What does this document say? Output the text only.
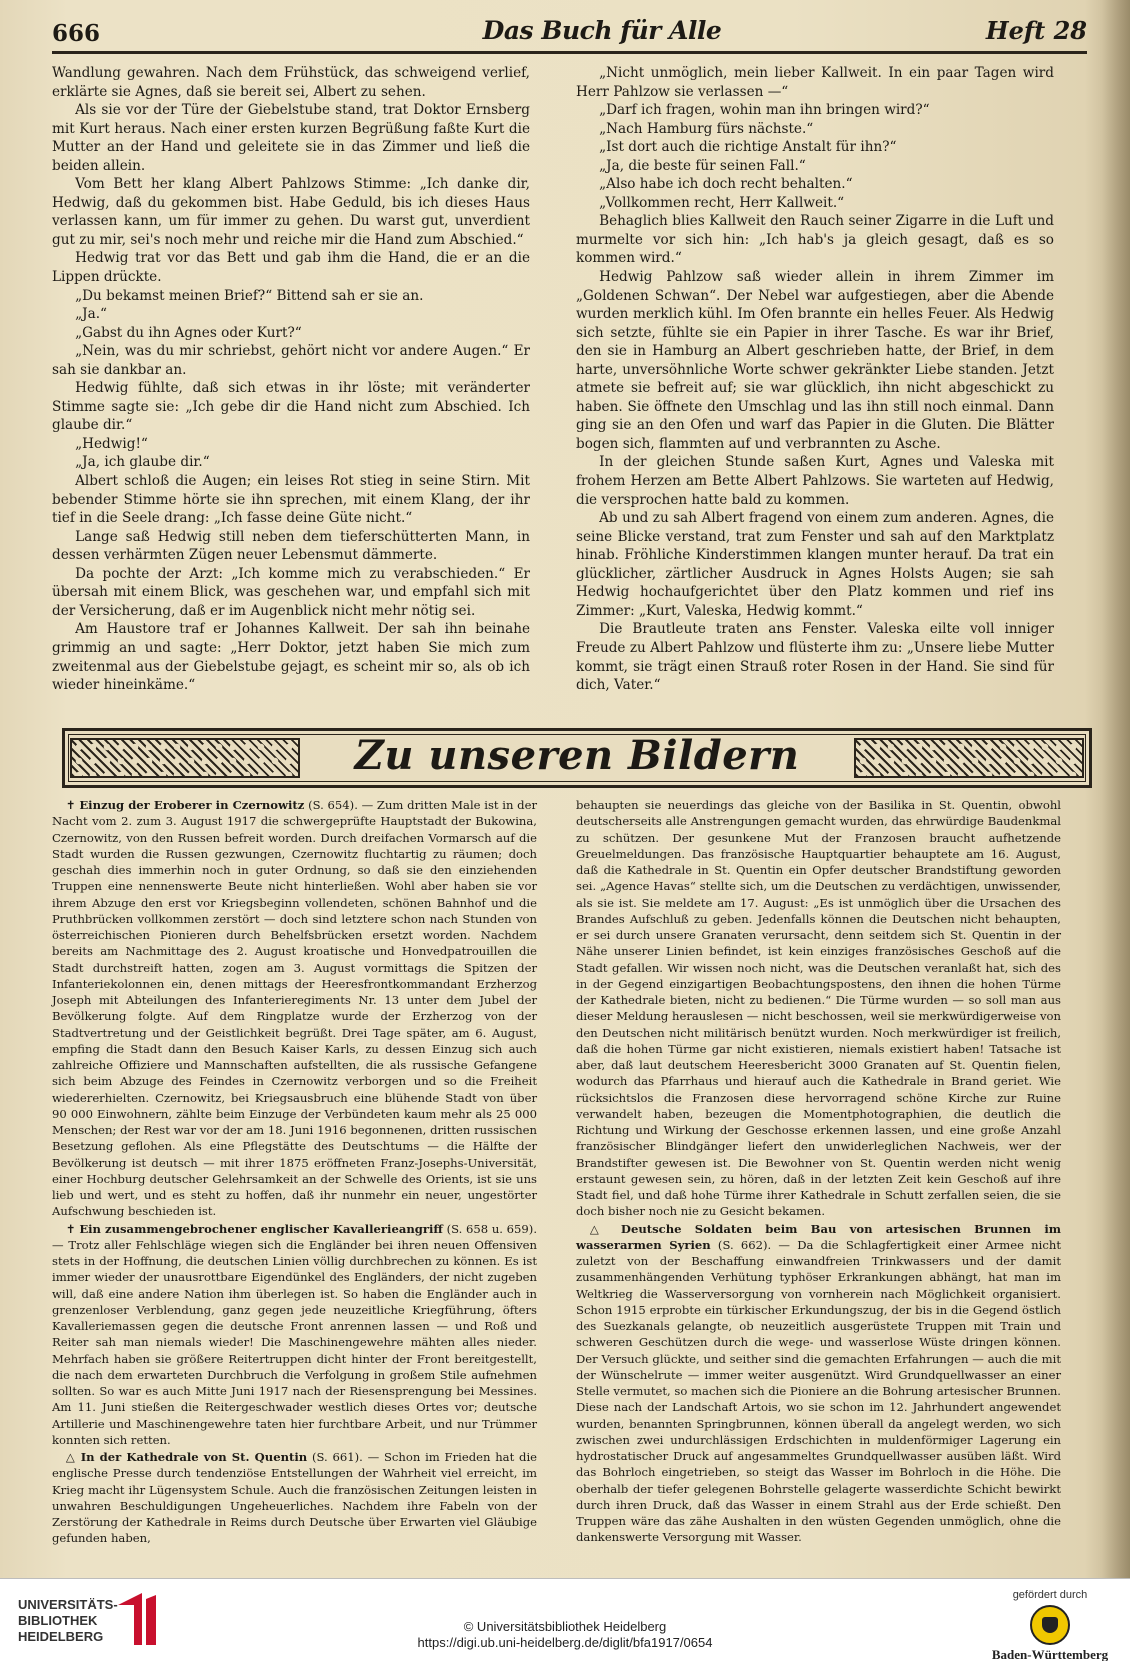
666	Das Buch für Alle	Heft 28

Wandlung gewahren. Nach dem Frühstück, das schweigend verlief, erklärte sie Agnes, daß sie bereit sei, Albert zu sehen.

Als sie vor der Türe der Giebelstube stand, trat Doktor Ernsberg mit Kurt heraus. Nach einer ersten kurzen Begrüßung faßte Kurt die Mutter an der Hand und geleitete sie in das Zimmer und ließ die beiden allein.

Vom Bett her klang Albert Pahlzows Stimme: „Ich danke dir, Hedwig, daß du gekommen bist. Habe Geduld, bis ich dieses Haus verlassen kann, um für immer zu gehen. Du warst gut, unverdient gut zu mir, sei's noch mehr und reiche mir die Hand zum Abschied.“

Hedwig trat vor das Bett und gab ihm die Hand, die er an die Lippen drückte.

„Du bekamst meinen Brief?“ Bittend sah er sie an.

„Ja.“

„Gabst du ihn Agnes oder Kurt?“

„Nein, was du mir schriebst, gehört nicht vor andere Augen.“ Er sah sie dankbar an.

Hedwig fühlte, daß sich etwas in ihr löste; mit veränderter Stimme sagte sie: „Ich gebe dir die Hand nicht zum Abschied. Ich glaube dir.“

„Hedwig!“

„Ja, ich glaube dir.“

Albert schloß die Augen; ein leises Rot stieg in seine Stirn. Mit bebender Stimme hörte sie ihn sprechen, mit einem Klang, der ihr tief in die Seele drang: „Ich fasse deine Güte nicht.“

Lange saß Hedwig still neben dem tieferschütterten Mann, in dessen verhärmten Zügen neuer Lebensmut dämmerte.

Da pochte der Arzt: „Ich komme mich zu verabschieden.“ Er übersah mit einem Blick, was geschehen war, und empfahl sich mit der Versicherung, daß er im Augenblick nicht mehr nötig sei.

Am Haustore traf er Johannes Kallweit. Der sah ihn beinahe grimmig an und sagte: „Herr Doktor, jetzt haben Sie mich zum zweitenmal aus der Giebelstube gejagt, es scheint mir so, als ob ich wieder hineinkäme.“

„Nicht unmöglich, mein lieber Kallweit. In ein paar Tagen wird Herr Pahlzow sie verlassen —“

„Darf ich fragen, wohin man ihn bringen wird?“

„Nach Hamburg fürs nächste.“

„Ist dort auch die richtige Anstalt für ihn?“

„Ja, die beste für seinen Fall.“

„Also habe ich doch recht behalten.“

„Vollkommen recht, Herr Kallweit.“

Behaglich blies Kallweit den Rauch seiner Zigarre in die Luft und murmelte vor sich hin: „Ich hab's ja gleich gesagt, daß es so kommen wird.“

Hedwig Pahlzow saß wieder allein in ihrem Zimmer im „Goldenen Schwan“. Der Nebel war aufgestiegen, aber die Abende wurden merklich kühl. Im Ofen brannte ein helles Feuer. Als Hedwig sich setzte, fühlte sie ein Papier in ihrer Tasche. Es war ihr Brief, den sie in Hamburg an Albert geschrieben hatte, der Brief, in dem harte, unversöhnliche Worte schwer gekränkter Liebe standen. Jetzt atmete sie befreit auf; sie war glücklich, ihn nicht abgeschickt zu haben. Sie öffnete den Umschlag und las ihn still noch einmal. Dann ging sie an den Ofen und warf das Papier in die Gluten. Die Blätter bogen sich, flammten auf und verbrannten zu Asche.

In der gleichen Stunde saßen Kurt, Agnes und Valeska mit frohem Herzen am Bette Albert Pahlzows. Sie warteten auf Hedwig, die versprochen hatte bald zu kommen.

Ab und zu sah Albert fragend von einem zum anderen. Agnes, die seine Blicke verstand, trat zum Fenster und sah auf den Marktplatz hinab. Fröhliche Kinderstimmen klangen munter herauf. Da trat ein glücklicher, zärtlicher Ausdruck in Agnes Holsts Augen; sie sah Hedwig hochaufgerichtet über den Platz kommen und rief ins Zimmer: „Kurt, Valeska, Hedwig kommt.“

Die Brautleute traten ans Fenster. Valeska eilte voll inniger Freude zu Albert Pahlzow und flüsterte ihm zu: „Unsere liebe Mutter kommt, sie trägt einen Strauß roter Rosen in der Hand. Sie sind für dich, Vater.“

Zu unseren Bildern

✝ Einzug der Eroberer in Czernowitz (S. 654). — Zum dritten Male ist in der Nacht vom 2. zum 3. August 1917 die schwergeprüfte Hauptstadt der Bukowina, Czernowitz, von den Russen befreit worden. Durch dreifachen Vormarsch auf die Stadt wurden die Russen gezwungen, Czernowitz fluchtartig zu räumen; doch geschah dies immerhin noch in guter Ordnung, so daß sie den einziehenden Truppen eine nennenswerte Beute nicht hinterließen. Wohl aber haben sie vor ihrem Abzuge den erst vor Kriegsbeginn vollendeten, schönen Bahnhof und die Pruthbrücken vollkommen zerstört — doch sind letztere schon nach Stunden von österreichischen Pionieren durch Behelfsbrücken ersetzt worden. Nachdem bereits am Nachmittage des 2. August kroatische und Honvedpatrouillen die Stadt durchstreift hatten, zogen am 3. August vormittags die Spitzen der Infanteriekolonnen ein, denen mittags der Heeresfrontkommandant Erzherzog Joseph mit Abteilungen des Infanterieregiments Nr. 13 unter dem Jubel der Bevölkerung folgte. Auf dem Ringplatze wurde der Erzherzog von der Stadtvertretung und der Geistlichkeit begrüßt. Drei Tage später, am 6. August, empfing die Stadt dann den Besuch Kaiser Karls, zu dessen Einzug sich auch zahlreiche Offiziere und Mannschaften aufstellten, die als russische Gefangene sich beim Abzuge des Feindes in Czernowitz verborgen und so die Freiheit wiedererhielten. Czernowitz, bei Kriegsausbruch eine blühende Stadt von über 90 000 Einwohnern, zählte beim Einzuge der Verbündeten kaum mehr als 25 000 Menschen; der Rest war vor der am 18. Juni 1916 begonnenen, dritten russischen Besetzung geflohen. Als eine Pflegstätte des Deutschtums — die Hälfte der Bevölkerung ist deutsch — mit ihrer 1875 eröffneten Franz-Josephs-Universität, einer Hochburg deutscher Gelehrsamkeit an der Schwelle des Orients, ist sie uns lieb und wert, und es steht zu hoffen, daß ihr nunmehr ein neuer, ungestörter Aufschwung beschieden ist.

✝ Ein zusammengebrochener englischer Kavallerieangriff (S. 658 u. 659). — Trotz aller Fehlschläge wiegen sich die Engländer bei ihren neuen Offensiven stets in der Hoffnung, die deutschen Linien völlig durchbrechen zu können. Es ist immer wieder der unausrottbare Eigendünkel des Engländers, der nicht zugeben will, daß eine andere Nation ihm überlegen ist. So haben die Engländer auch in grenzenloser Verblendung, ganz gegen jede neuzeitliche Kriegführung, öfters Kavalleriemassen gegen die deutsche Front anrennen lassen — und Roß und Reiter sah man niemals wieder! Die Maschinengewehre mähten alles nieder. Mehrfach haben sie größere Reitertruppen dicht hinter der Front bereitgestellt, die nach dem erwarteten Durchbruch die Verfolgung in großem Stile aufnehmen sollten. So war es auch Mitte Juni 1917 nach der Riesensprengung bei Messines. Am 11. Juni stießen die Reitergeschwader westlich dieses Ortes vor; deutsche Artillerie und Maschinengewehre taten hier furchtbare Arbeit, und nur Trümmer konnten sich retten.

△ In der Kathedrale von St. Quentin (S. 661). — Schon im Frieden hat die englische Presse durch tendenziöse Entstellungen der Wahrheit viel erreicht, im Krieg macht ihr Lügensystem Schule. Auch die französischen Zeitungen leisten in unwahren Beschuldigungen Ungeheuerliches. Nachdem ihre Fabeln von der Zerstörung der Kathedrale in Reims durch Deutsche über Erwarten viel Gläubige gefunden haben,

behaupten sie neuerdings das gleiche von der Basilika in St. Quentin, obwohl deutscherseits alle Anstrengungen gemacht wurden, das ehrwürdige Baudenkmal zu schützen. Der gesunkene Mut der Franzosen braucht aufhetzende Greuelmeldungen. Das französische Hauptquartier behauptete am 16. August, daß die Kathedrale in St. Quentin ein Opfer deutscher Brandstiftung geworden sei. „Agence Havas“ stellte sich, um die Deutschen zu verdächtigen, unwissender, als sie ist. Sie meldete am 17. August: „Es ist unmöglich über die Ursachen des Brandes Aufschluß zu geben. Jedenfalls können die Deutschen nicht behaupten, er sei durch unsere Granaten verursacht, denn seitdem sich St. Quentin in der Nähe unserer Linien befindet, ist kein einziges französisches Geschoß auf die Stadt gefallen. Wir wissen noch nicht, was die Deutschen veranlaßt hat, sich des in der Gegend einzigartigen Beobachtungspostens, den ihnen die hohen Türme der Kathedrale bieten, nicht zu bedienen.“ Die Türme wurden — so soll man aus dieser Meldung herauslesen — nicht beschossen, weil sie merkwürdigerweise von den Deutschen nicht militärisch benützt wurden. Noch merkwürdiger ist freilich, daß die hohen Türme gar nicht existieren, niemals existiert haben! Tatsache ist aber, daß laut deutschem Heeresbericht 3000 Granaten auf St. Quentin fielen, wodurch das Pfarrhaus und hierauf auch die Kathedrale in Brand geriet. Wie rücksichtslos die Franzosen diese hervorragend schöne Kirche zur Ruine verwandelt haben, bezeugen die Momentphotographien, die deutlich die Richtung und Wirkung der Geschosse erkennen lassen, und eine große Anzahl französischer Blindgänger liefert den unwiderleglichen Nachweis, wer der Brandstifter gewesen ist. Die Bewohner von St. Quentin werden nicht wenig erstaunt gewesen sein, zu hören, daß in der letzten Zeit kein Geschoß auf ihre Stadt fiel, und daß hohe Türme ihrer Kathedrale in Schutt zerfallen seien, die sie doch bisher noch nie zu Gesicht bekamen.

△ Deutsche Soldaten beim Bau von artesischen Brunnen im wasserarmen Syrien (S. 662). — Da die Schlagfertigkeit einer Armee nicht zuletzt von der Beschaffung einwandfreien Trinkwassers und der damit zusammenhängenden Verhütung typhöser Erkrankungen abhängt, hat man im Weltkrieg die Wasserversorgung von vornherein nach Möglichkeit organisiert. Schon 1915 erprobte ein türkischer Erkundungszug, der bis in die Gegend östlich des Suezkanals gelangte, ob neuzeitlich ausgerüstete Truppen mit Train und schweren Geschützen durch die wege- und wasserlose Wüste dringen können. Der Versuch glückte, und seither sind die gemachten Erfahrungen — auch die mit der Wünschelrute — immer weiter ausgenützt. Wird Grundquellwasser an einer Stelle vermutet, so machen sich die Pioniere an die Bohrung artesischer Brunnen. Diese nach der Landschaft Artois, wo sie schon im 12. Jahrhundert angewendet wurden, benannten Springbrunnen, können überall da angelegt werden, wo sich zwischen zwei undurchlässigen Erdschichten in muldenförmiger Lagerung ein hydrostatischer Druck auf angesammeltes Grundquellwasser ausüben läßt. Wird das Bohrloch eingetrieben, so steigt das Wasser im Bohrloch in die Höhe. Die oberhalb der tiefer gelegenen Bohrstelle gelagerte wasserdichte Schicht bewirkt durch ihren Druck, daß das Wasser in einem Strahl aus der Erde schießt. Den Truppen wäre das zähe Aushalten in den wüsten Gegenden unmöglich, ohne die dankenswerte Versorgung mit Wasser.

UNIVERSITÄTS-
BIBLIOTHEK
HEIDELBERG
© Universitätsbibliothek Heidelberg
https://digi.ub.uni-heidelberg.de/diglit/bfa1917/0654
gefördert durch
Baden-Württemberg
